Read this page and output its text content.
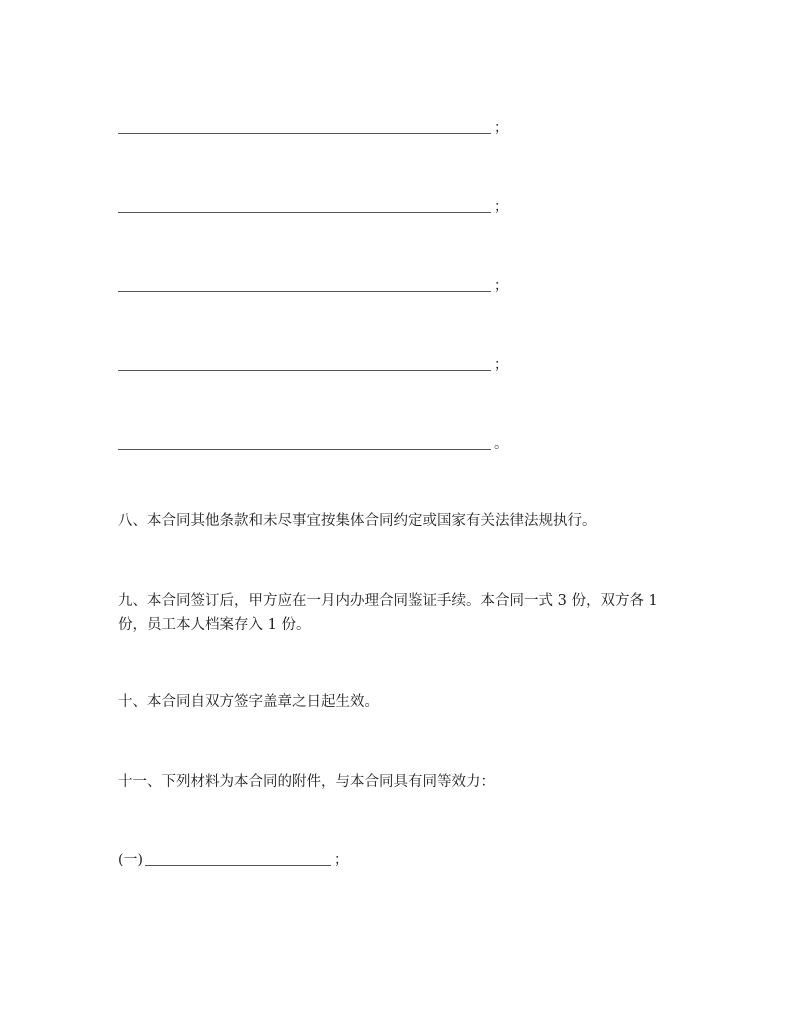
；
；
；
；
。

八、本合同其他条款和未尽事宜按集体合同约定或国家有关法律法规执行。

九、本合同签订后，甲方应在一月内办理合同鉴证手续。本合同一式 3 份，双方各 1 份，员工本人档案存入 1 份。

十、本合同自双方签字盖章之日起生效。

十一、下列材料为本合同的附件，与本合同具有同等效力：

(一)	；
